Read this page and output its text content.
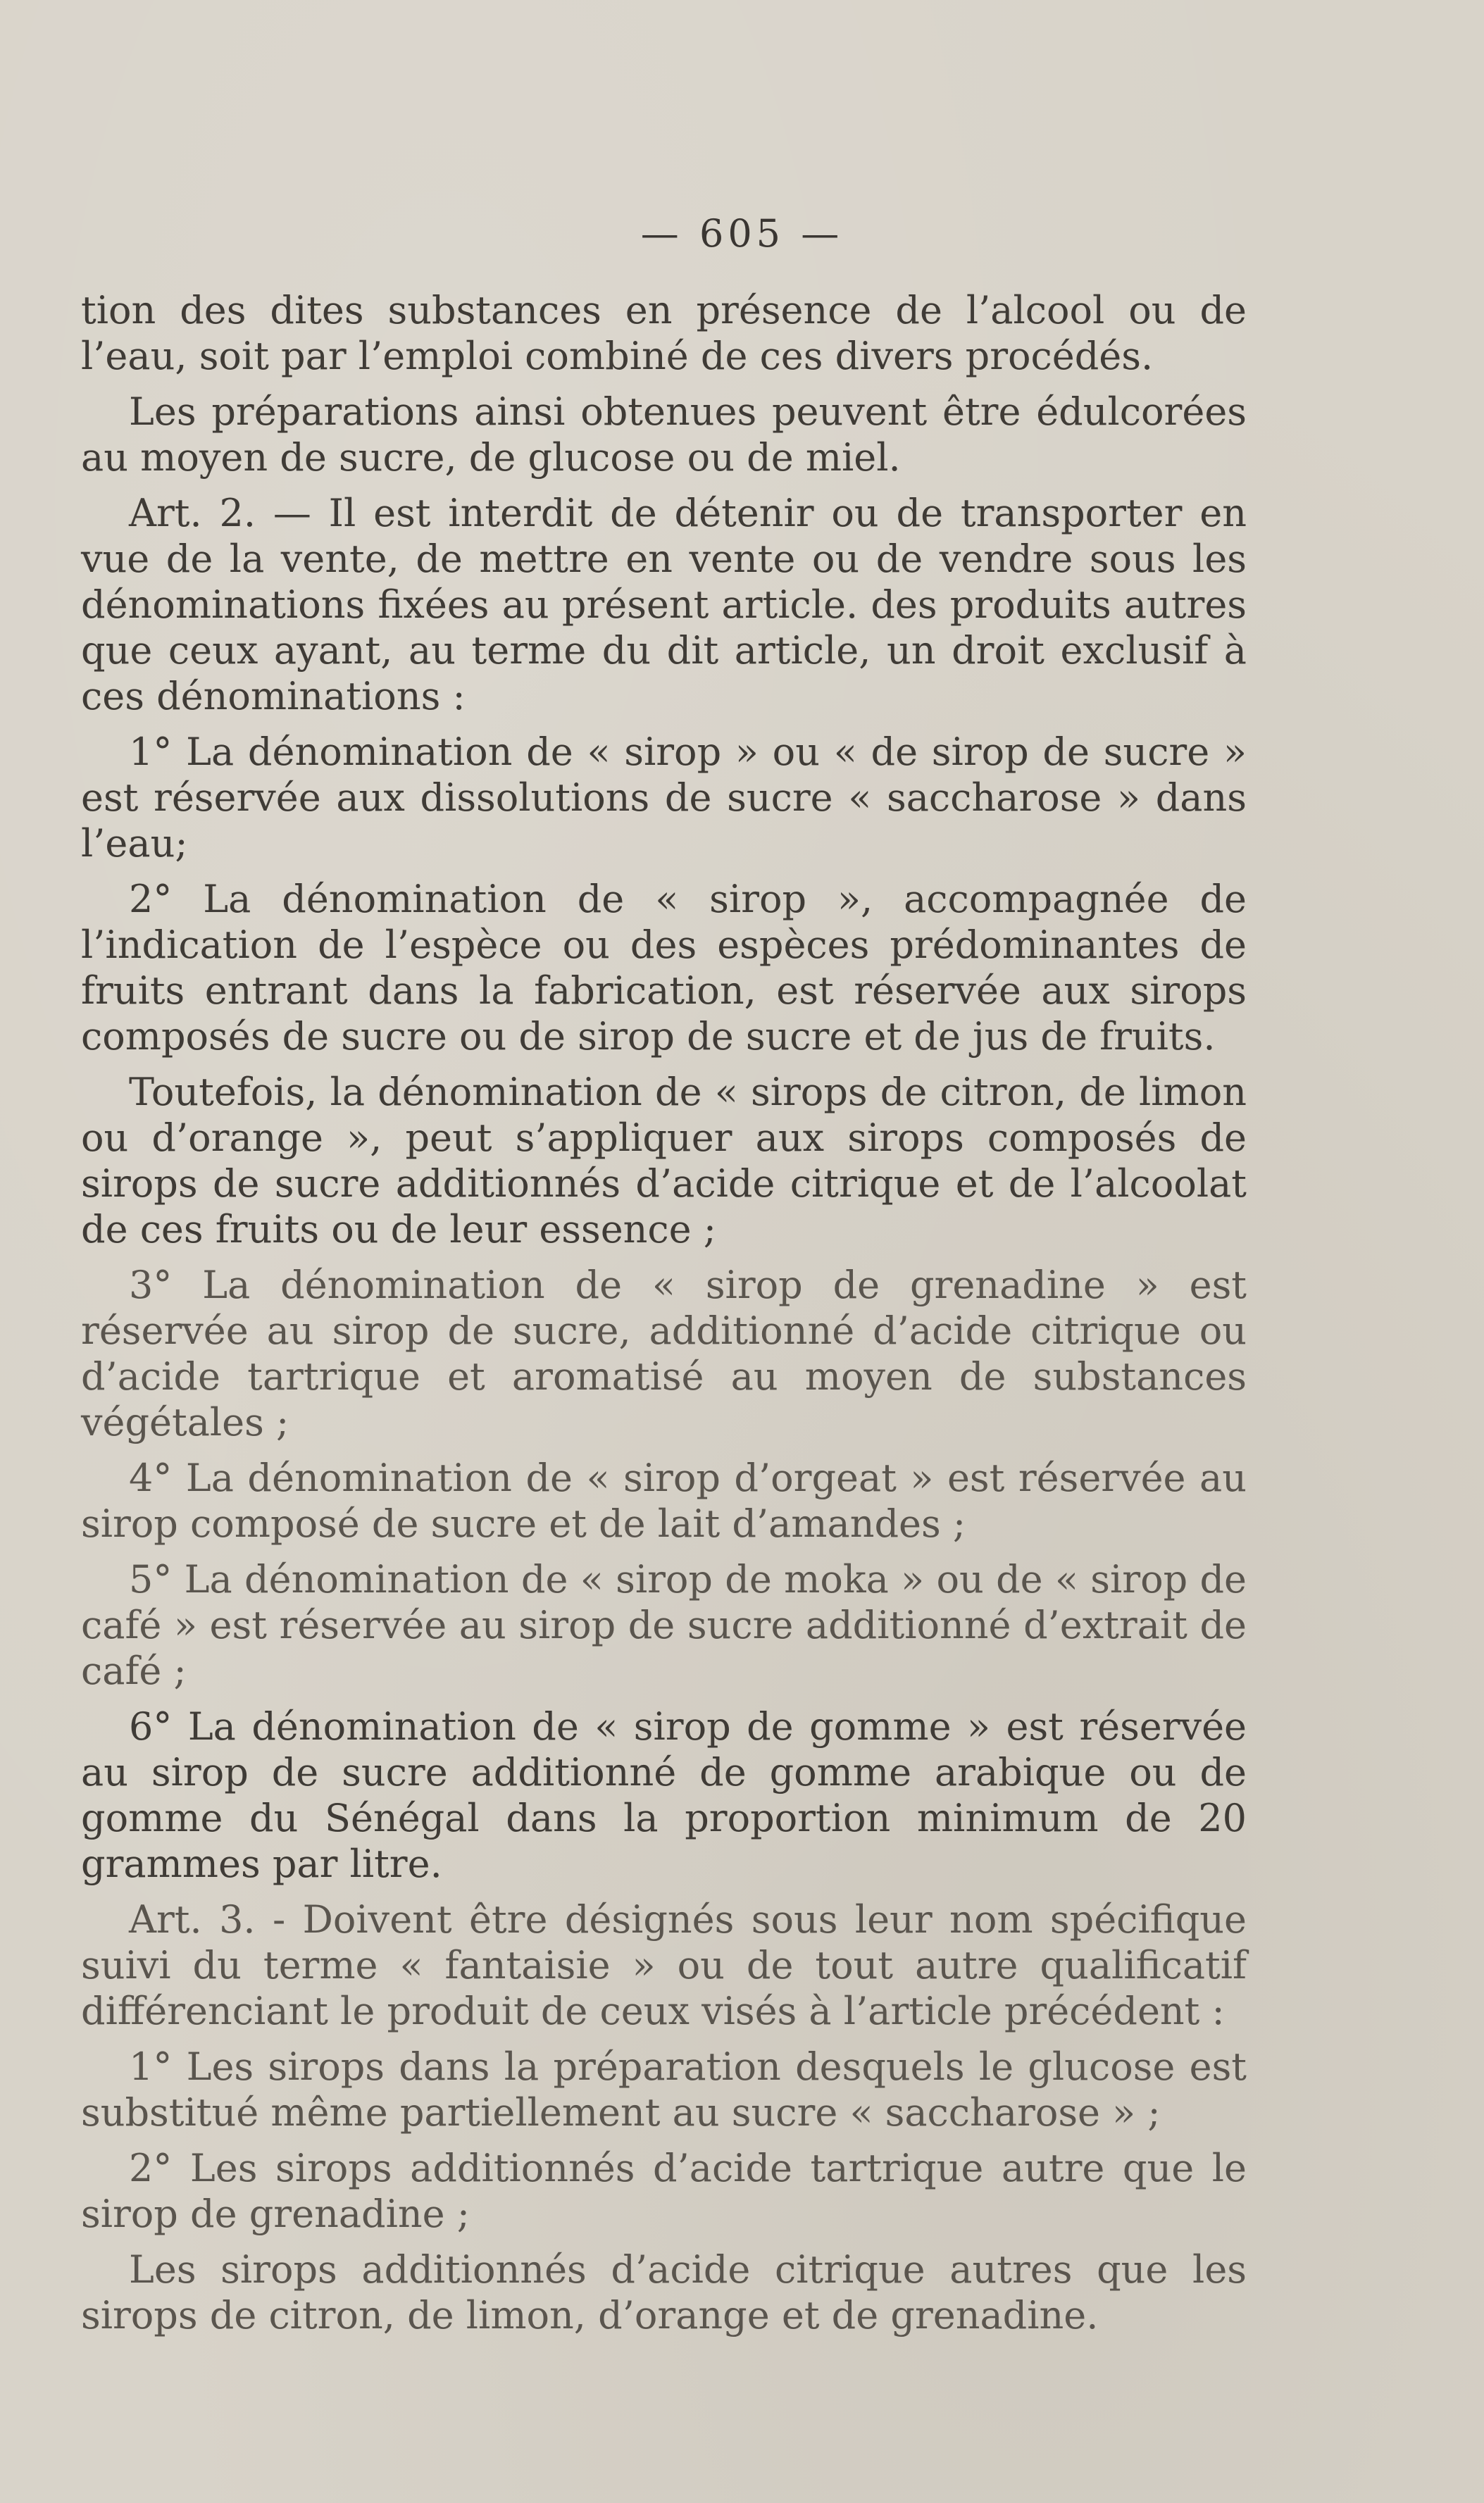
— 605 —

tion des dites substances en présence de l’alcool ou de l’eau, soit par l’emploi combiné de ces divers procédés.

Les préparations ainsi obtenues peuvent être édulcorées au moyen de sucre, de glucose ou de miel.

Art. 2. — Il est interdit de détenir ou de transporter en vue de la vente, de mettre en vente ou de vendre sous les dénominations fixées au présent article. des produits autres que ceux ayant, au terme du dit article, un droit exclusif à ces dénominations :

1° La dénomination de « sirop » ou « de sirop de sucre » est réservée aux dissolutions de sucre « saccharose » dans l’eau;

2° La dénomination de « sirop », accompagnée de l’indication de l’espèce ou des espèces prédominantes de fruits entrant dans la fabrication, est réservée aux sirops composés de sucre ou de sirop de sucre et de jus de fruits.

Toutefois, la dénomination de « sirops de citron, de limon ou d’orange », peut s’appliquer aux sirops composés de sirops de sucre additionnés d’acide citrique et de l’alcoolat de ces fruits ou de leur essence ;

3° La dénomination de « sirop de grenadine » est réservée au sirop de sucre, additionné d’acide citrique ou d’acide tartrique et aromatisé au moyen de substances végétales ;

4° La dénomination de « sirop d’orgeat » est réservée au sirop composé de sucre et de lait d’amandes ;

5° La dénomination de « sirop de moka » ou de « sirop de café » est réservée au sirop de sucre additionné d’extrait de café ;

6° La dénomination de « sirop de gomme » est réservée au sirop de sucre additionné de gomme arabique ou de gomme du Sénégal dans la proportion minimum de 20 grammes par litre.

Art. 3. - Doivent être désignés sous leur nom spécifique suivi du terme « fantaisie » ou de tout autre qualificatif différenciant le produit de ceux visés à l’article précédent :

1° Les sirops dans la préparation desquels le glucose est substitué même partiellement au sucre « saccharose » ;

2° Les sirops additionnés d’acide tartrique autre que le sirop de grenadine ;

Les sirops additionnés d’acide citrique autres que les sirops de citron, de limon, d’orange et de grenadine.
